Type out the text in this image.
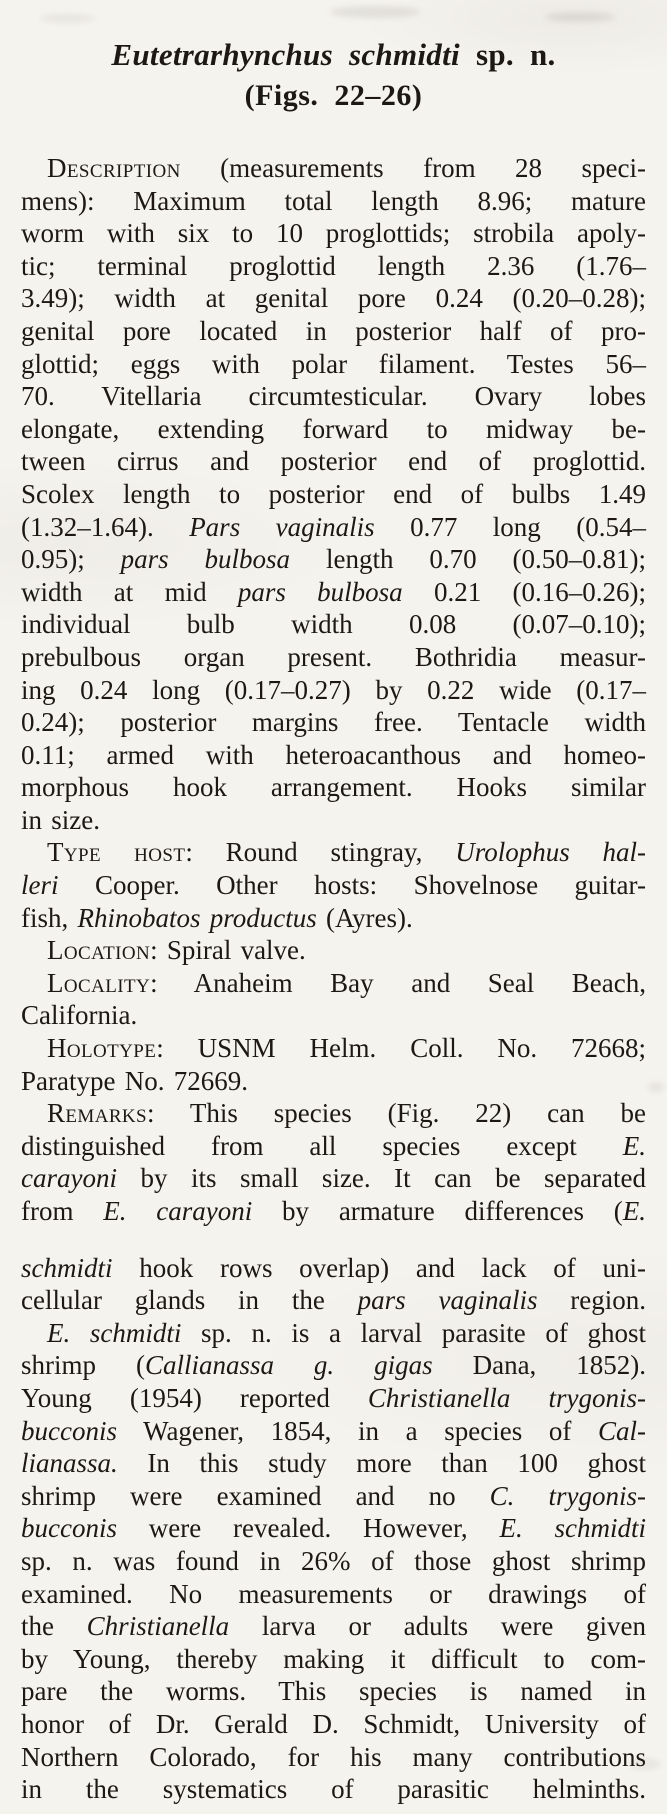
Eutetrarhynchus schmidti sp. n.
(Figs. 22–26)
Description (measurements from 28 speci-
mens): Maximum total length 8.96; mature
worm with six to 10 proglottids; strobila apoly-
tic; terminal proglottid length 2.36 (1.76–
3.49); width at genital pore 0.24 (0.20–0.28);
genital pore located in posterior half of pro-
glottid; eggs with polar filament. Testes 56–
70. Vitellaria circumtesticular. Ovary lobes
elongate, extending forward to midway be-
tween cirrus and posterior end of proglottid.
Scolex length to posterior end of bulbs 1.49
(1.32–1.64). Pars vaginalis 0.77 long (0.54–
0.95); pars bulbosa length 0.70 (0.50–0.81);
width at mid pars bulbosa 0.21 (0.16–0.26);
individual bulb width 0.08 (0.07–0.10);
prebulbous organ present. Bothridia measur-
ing 0.24 long (0.17–0.27) by 0.22 wide (0.17–
0.24); posterior margins free. Tentacle width
0.11; armed with heteroacanthous and homeo-
morphous hook arrangement. Hooks similar
in size.
Type host: Round stingray, Urolophus hal-
leri Cooper. Other hosts: Shovelnose guitar-
fish, Rhinobatos productus (Ayres).
Location: Spiral valve.
Locality: Anaheim Bay and Seal Beach,
California.
Holotype: USNM Helm. Coll. No. 72668;
Paratype No. 72669.
Remarks: This species (Fig. 22) can be
distinguished from all species except E.
carayoni by its small size. It can be separated
from E. carayoni by armature differences (E.
schmidti hook rows overlap) and lack of uni-
cellular glands in the pars vaginalis region.
E. schmidti sp. n. is a larval parasite of ghost
shrimp (Callianassa g. gigas Dana, 1852).
Young (1954) reported Christianella trygonis-
bucconis Wagener, 1854, in a species of Cal-
lianassa. In this study more than 100 ghost
shrimp were examined and no C. trygonis-
bucconis were revealed. However, E. schmidti
sp. n. was found in 26% of those ghost shrimp
examined. No measurements or drawings of
the Christianella larva or adults were given
by Young, thereby making it difficult to com-
pare the worms. This species is named in
honor of Dr. Gerald D. Schmidt, University of
Northern Colorado, for his many contributions
in the systematics of parasitic helminths.
